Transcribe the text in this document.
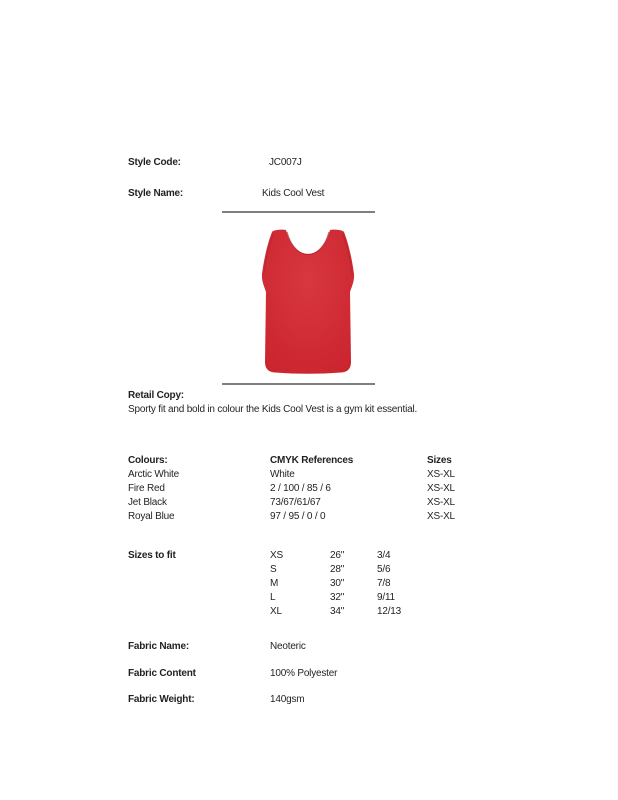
Style Code:	JC007J
Style Name:	Kids Cool Vest
Retail Copy:
Sporty fit and bold in colour the Kids Cool Vest is a gym kit essential.
Colours:	CMYK References	Sizes
Arctic White	White	XS-XL
Fire Red	2 / 100 / 85 / 6	XS-XL
Jet Black	73/67/61/67	XS-XL
Royal Blue	97 / 95 / 0 / 0	XS-XL
Sizes to fit	XS	26"	3/4
S	28"	5/6
M	30"	7/8
L	32"	9/11
XL	34"	12/13
Fabric Name:	Neoteric
Fabric Content	100% Polyester
Fabric Weight:	140gsm
